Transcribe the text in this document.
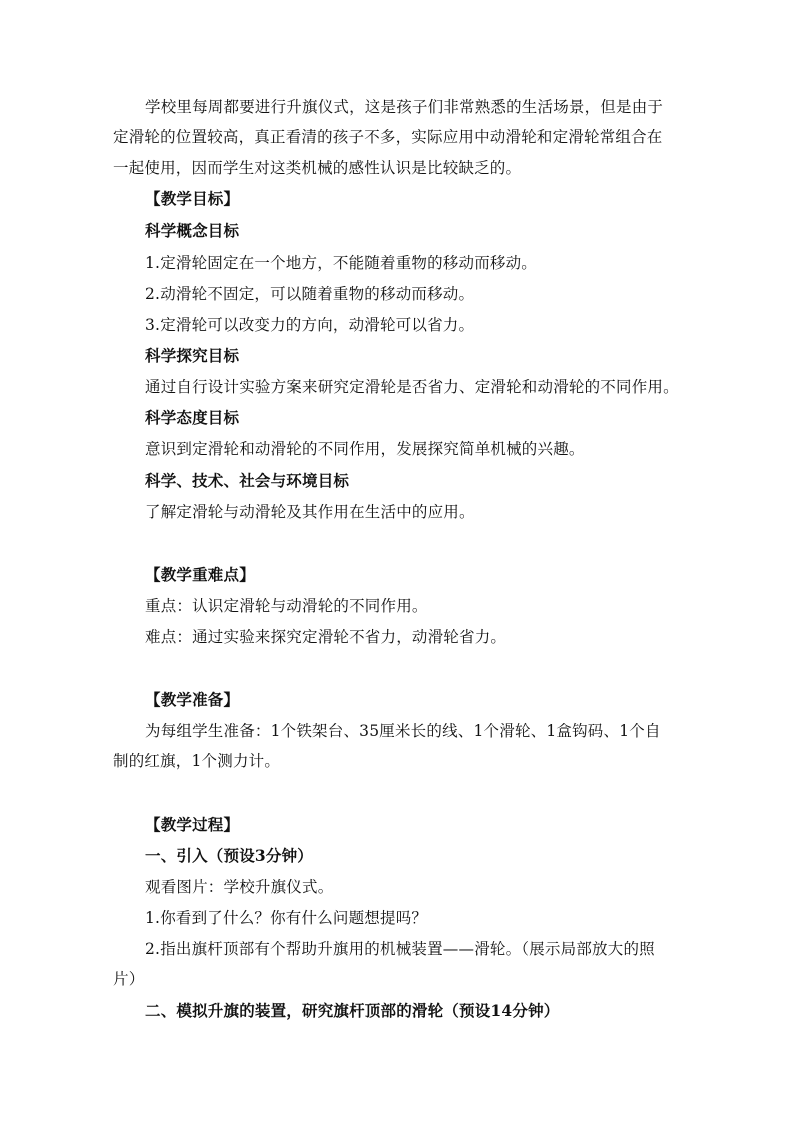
学校里每周都要进行升旗仪式，这是孩子们非常熟悉的生活场景，但是由于
定滑轮的位置较高，真正看清的孩子不多，实际应用中动滑轮和定滑轮常组合在
一起使用，因而学生对这类机械的感性认识是比较缺乏的。
【教学目标】
科学概念目标
1.定滑轮固定在一个地方，不能随着重物的移动而移动。
2.动滑轮不固定，可以随着重物的移动而移动。
3.定滑轮可以改变力的方向，动滑轮可以省力。
科学探究目标
通过自行设计实验方案来研究定滑轮是否省力、定滑轮和动滑轮的不同作用。
科学态度目标
意识到定滑轮和动滑轮的不同作用，发展探究简单机械的兴趣。
科学、技术、社会与环境目标
了解定滑轮与动滑轮及其作用在生活中的应用。
【教学重难点】
重点：认识定滑轮与动滑轮的不同作用。
难点：通过实验来探究定滑轮不省力，动滑轮省力。
【教学准备】
为每组学生准备：1个铁架台、35厘米长的线、1个滑轮、1盒钩码、1个自
制的红旗，1个测力计。
【教学过程】
一、引入（预设3分钟）
观看图片：学校升旗仪式。
1.你看到了什么？你有什么问题想提吗？
2.指出旗杆顶部有个帮助升旗用的机械装置——滑轮。（展示局部放大的照
片）
二、模拟升旗的装置，研究旗杆顶部的滑轮（预设14分钟）
